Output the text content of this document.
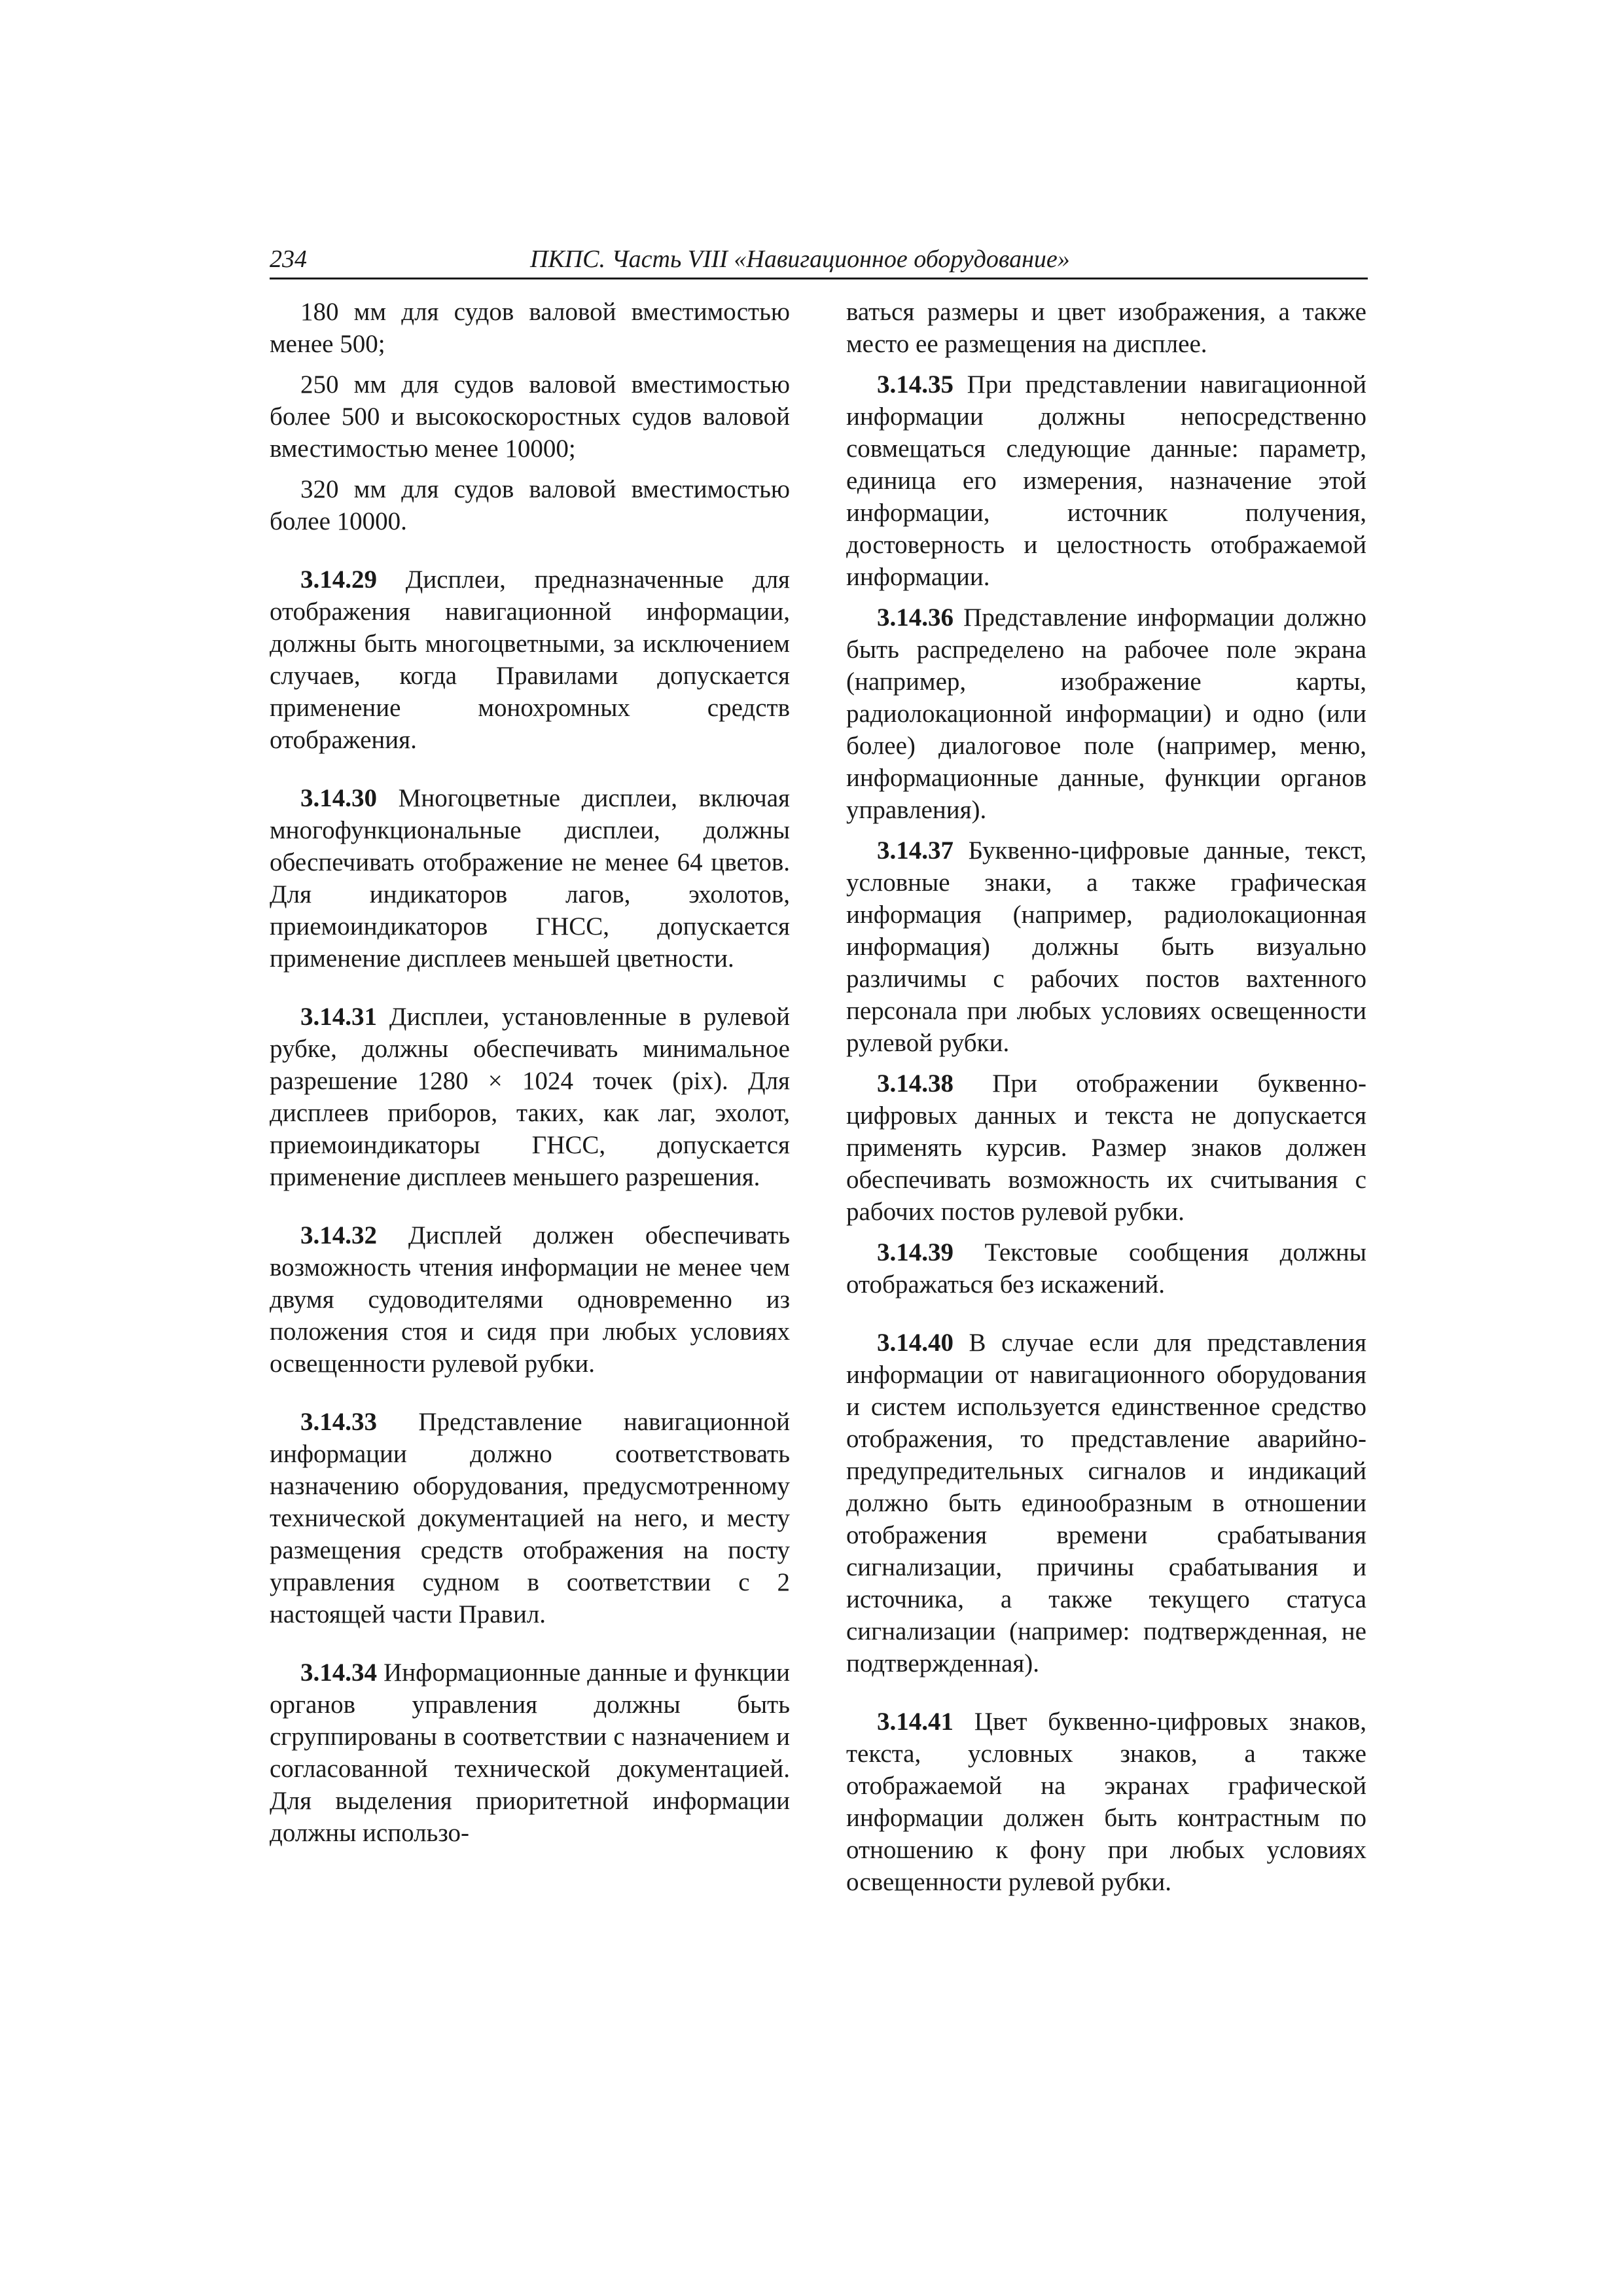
234	ПКПС. Часть VIII «Навигационное оборудование»

180 мм для судов валовой вместимостью менее 500;

250 мм для судов валовой вместимостью более 500 и высокоскоростных судов валовой вместимостью менее 10000;

320 мм для судов валовой вместимостью более 10000.

3.14.29 Дисплеи, предназначенные для отображения навигационной информации, должны быть многоцветными, за исключением случаев, когда Правилами допускается применение монохромных средств отображения.

3.14.30 Многоцветные дисплеи, включая многофункциональные дисплеи, должны обеспечивать отображение не менее 64 цветов. Для индикаторов лагов, эхолотов, приемоиндикаторов ГНСС, допускается применение дисплеев меньшей цветности.

3.14.31 Дисплеи, установленные в рулевой рубке, должны обеспечивать минимальное разрешение 1280 × 1024 точек (pix). Для дисплеев приборов, таких, как лаг, эхолот, приемоиндикаторы ГНСС, допускается применение дисплеев меньшего разрешения.

3.14.32 Дисплей должен обеспечивать возможность чтения информации не менее чем двумя судоводителями одновременно из положения стоя и сидя при любых условиях освещенности рулевой рубки.

3.14.33 Представление навигационной информации должно соответствовать назначению оборудования, предусмотренному технической документацией на него, и месту размещения средств отображения на посту управления судном в соответствии с 2 настоящей части Правил.

3.14.34 Информационные данные и функции органов управления должны быть сгруппированы в соответствии с назначением и согласованной технической документацией. Для выделения приоритетной информации должны использо-

ваться размеры и цвет изображения, а также место ее размещения на дисплее.

3.14.35 При представлении навигационной информации должны непосредственно совмещаться следующие данные: параметр, единица его измерения, назначение этой информации, источник получения, достоверность и целостность отображаемой информации.

3.14.36 Представление информации должно быть распределено на рабочее поле экрана (например, изображение карты, радиолокационной информации) и одно (или более) диалоговое поле (например, меню, информационные данные, функции органов управления).

3.14.37 Буквенно-цифровые данные, текст, условные знаки, а также графическая информация (например, радиолокационная информация) должны быть визуально различимы с рабочих постов вахтенного персонала при любых условиях освещенности рулевой рубки.

3.14.38 При отображении буквенно-цифровых данных и текста не допускается применять курсив. Размер знаков должен обеспечивать возможность их считывания с рабочих постов рулевой рубки.

3.14.39 Текстовые сообщения должны отображаться без искажений.

3.14.40 В случае если для представления информации от навигационного оборудования и систем используется единственное средство отображения, то представление аварийно-предупредительных сигналов и индикаций должно быть единообразным в отношении отображения времени срабатывания сигнализации, причины срабатывания и источника, а также текущего статуса сигнализации (например: подтвержденная, не подтвержденная).

3.14.41 Цвет буквенно-цифровых знаков, текста, условных знаков, а также отображаемой на экранах графической информации должен быть контрастным по отношению к фону при любых условиях освещенности рулевой рубки.
